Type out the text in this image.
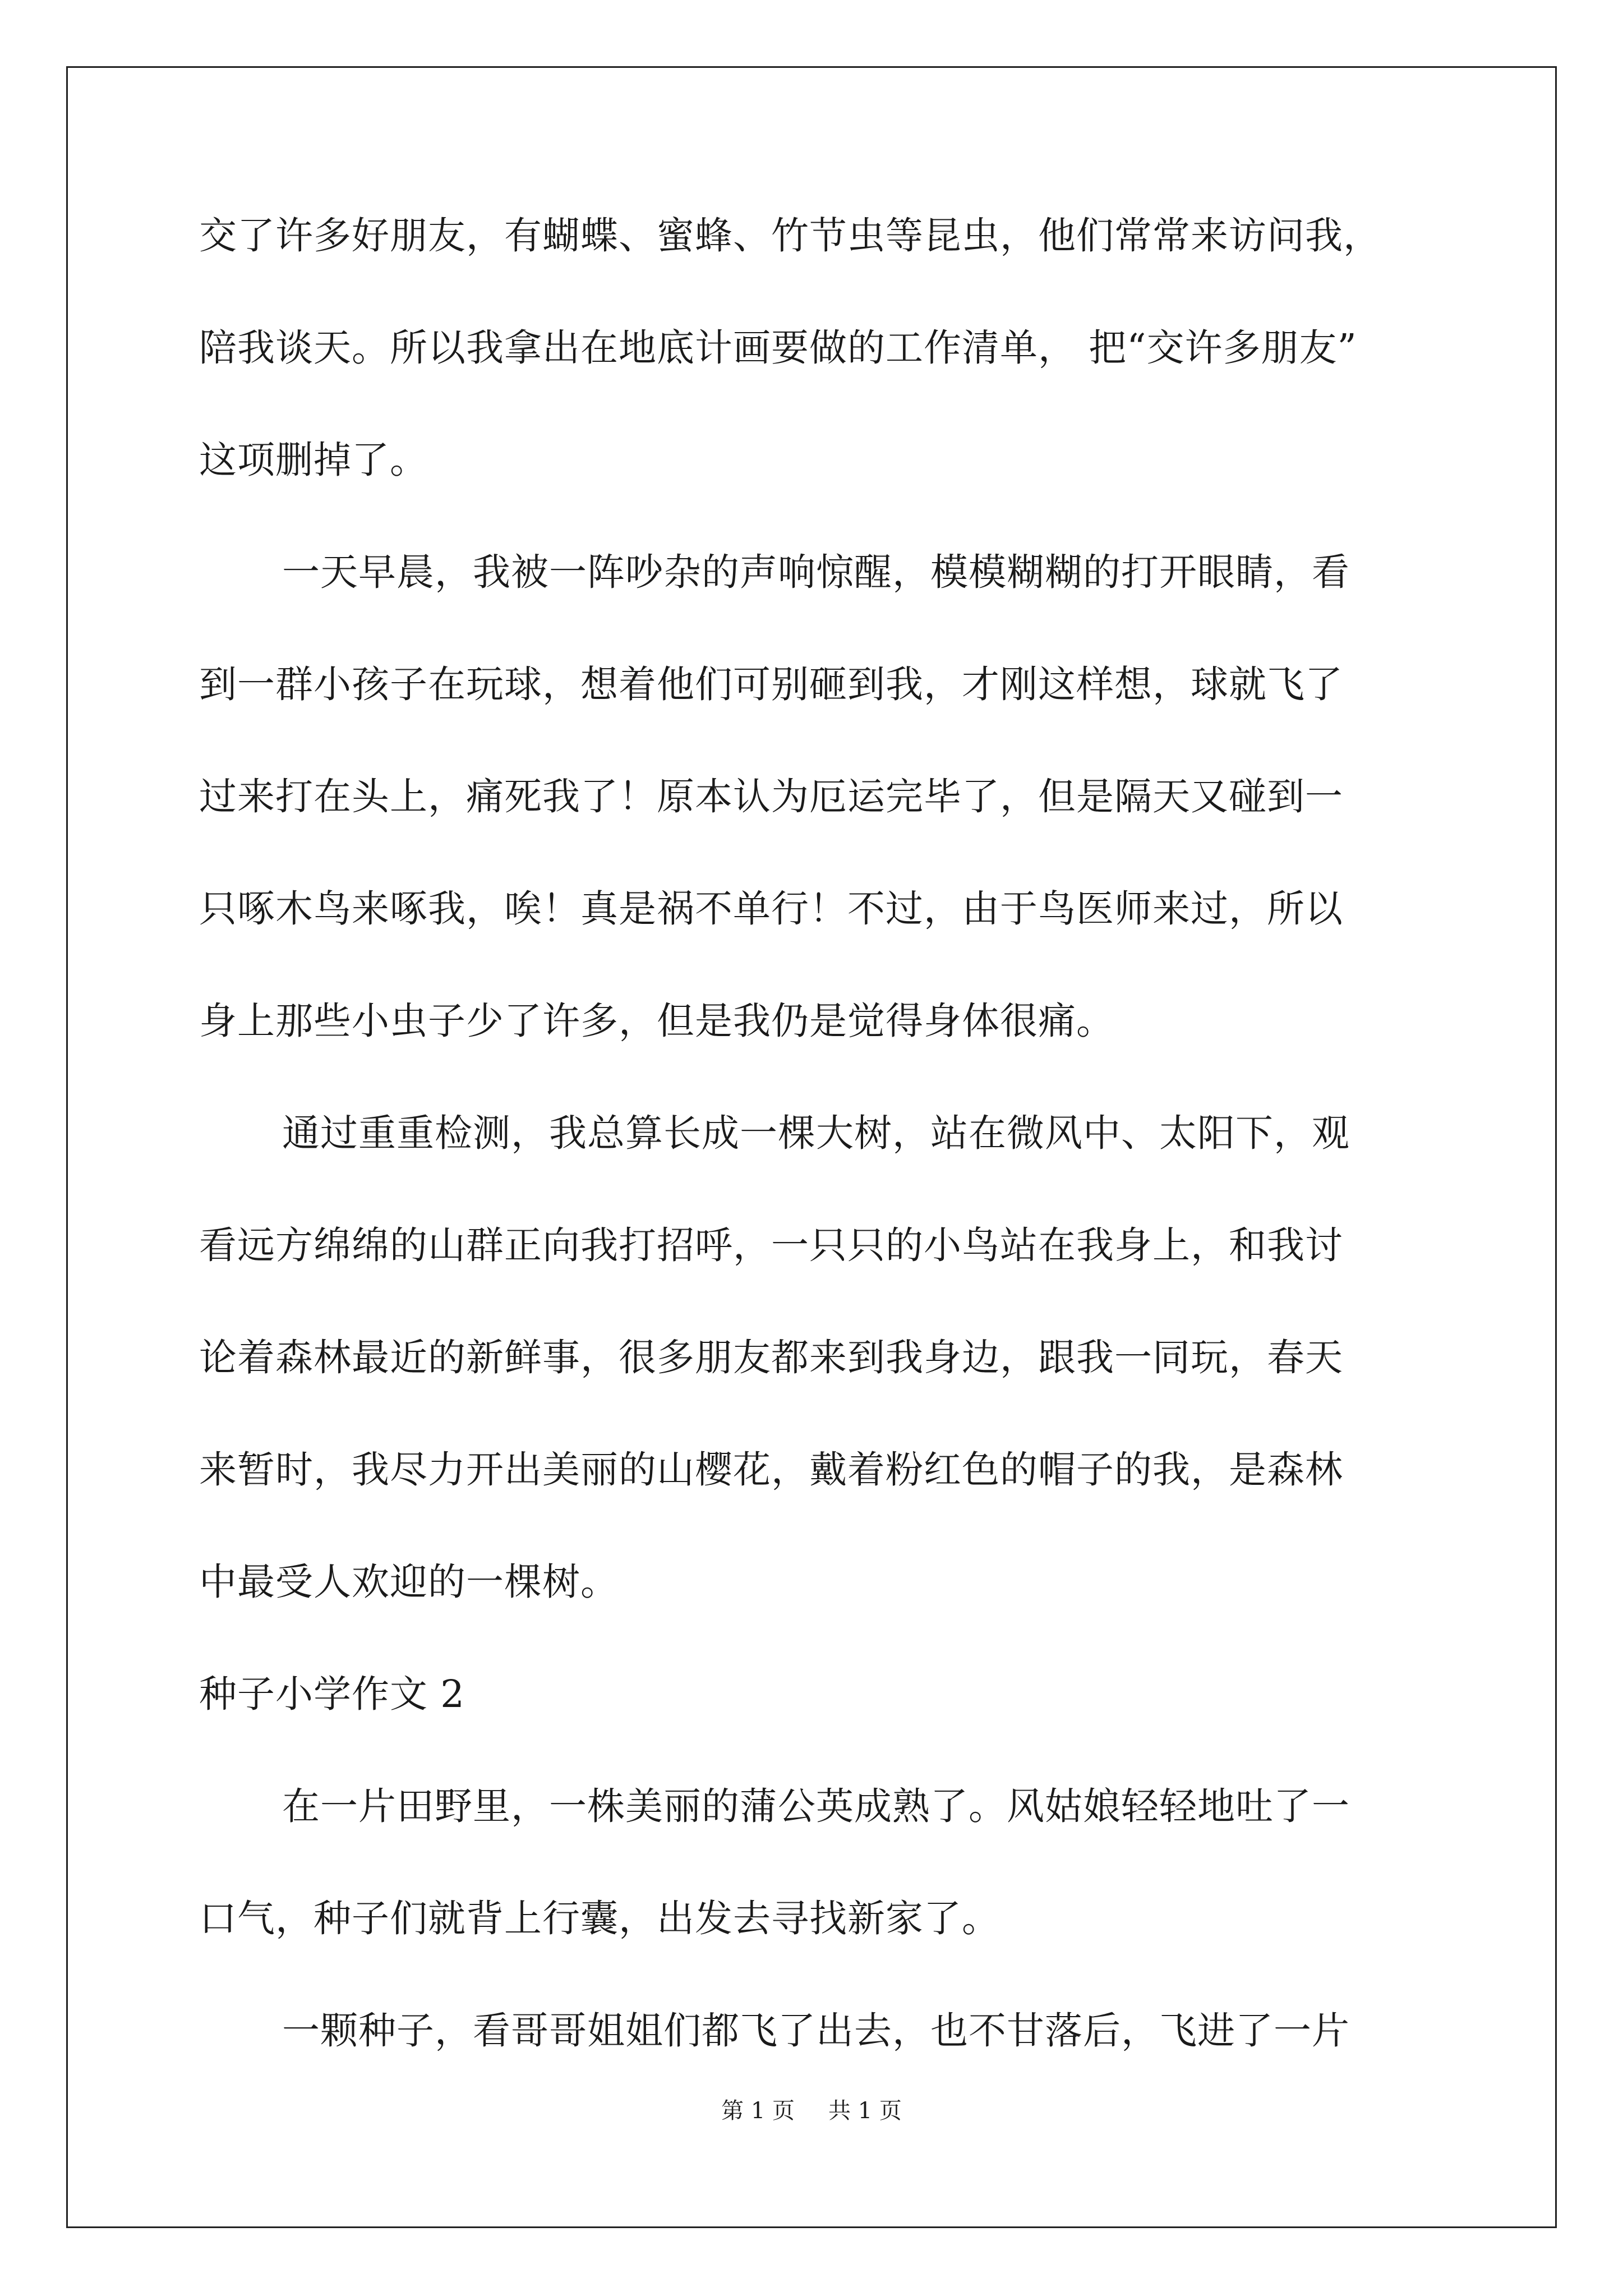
交了许多好朋友，有蝴蝶、蜜蜂、竹节虫等昆虫，他们常常来访问我，
陪我谈天。所以我拿出在地底计画要做的工作清单， 把“交许多朋友”
这项删掉了。
一天早晨，我被一阵吵杂的声响惊醒，模模糊糊的打开眼睛，看
到一群小孩子在玩球，想着他们可别砸到我，才刚这样想，球就飞了
过来打在头上，痛死我了！原本认为厄运完毕了，但是隔天又碰到一
只啄木鸟来啄我，唉！真是祸不单行！不过，由于鸟医师来过，所以
身上那些小虫子少了许多，但是我仍是觉得身体很痛。
通过重重检测，我总算长成一棵大树，站在微风中、太阳下，观
看远方绵绵的山群正向我打招呼，一只只的小鸟站在我身上，和我讨
论着森林最近的新鲜事，很多朋友都来到我身边，跟我一同玩，春天
来暂时，我尽力开出美丽的山樱花，戴着粉红色的帽子的我，是森林
中最受人欢迎的一棵树。
种子小学作文 2
在一片田野里，一株美丽的蒲公英成熟了。风姑娘轻轻地吐了一
口气，种子们就背上行囊，出发去寻找新家了。
一颗种子，看哥哥姐姐们都飞了出去，也不甘落后，飞进了一片
第 1 页 共 1 页
